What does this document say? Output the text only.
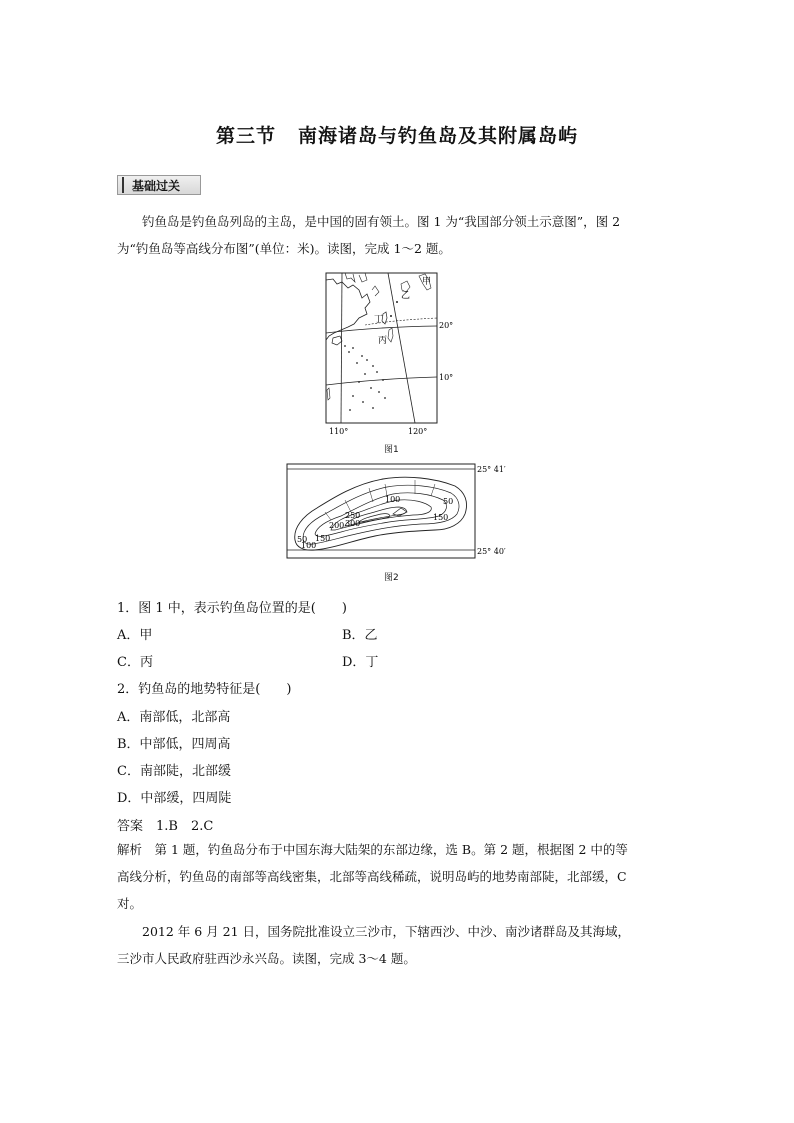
第三节 南海诸岛与钓鱼岛及其附属岛屿
基础过关
钓鱼岛是钓鱼岛列岛的主岛，是中国的固有领土。图 1 为“我国部分领土示意图”，图 2
为“钓鱼岛等高线分布图”(单位：米)。读图，完成 1～2 题。
甲
乙
丁
丙
20°
10°
110°	120°
图1
50
50
100
100
150
150
200
250
300
25° 41′
25° 40′
图2
1．图 1 中，表示钓鱼岛位置的是(　　)
A．甲	B．乙
C．丙	D．丁
2．钓鱼岛的地势特征是(　　)
A．南部低，北部高
B．中部低，四周高
C．南部陡，北部缓
D．中部缓，四周陡
答案　 1.B　2.C
解析　 第 1 题，钓鱼岛分布于中国东海大陆架的东部边缘，选 B。第 2 题，根据图 2 中的等
高线分析，钓鱼岛的南部等高线密集，北部等高线稀疏，说明岛屿的地势南部陡，北部缓，C
对。
2012 年 6 月 21 日，国务院批准设立三沙市，下辖西沙、中沙、南沙诸群岛及其海域，
三沙市人民政府驻西沙永兴岛。读图，完成 3～4 题。
